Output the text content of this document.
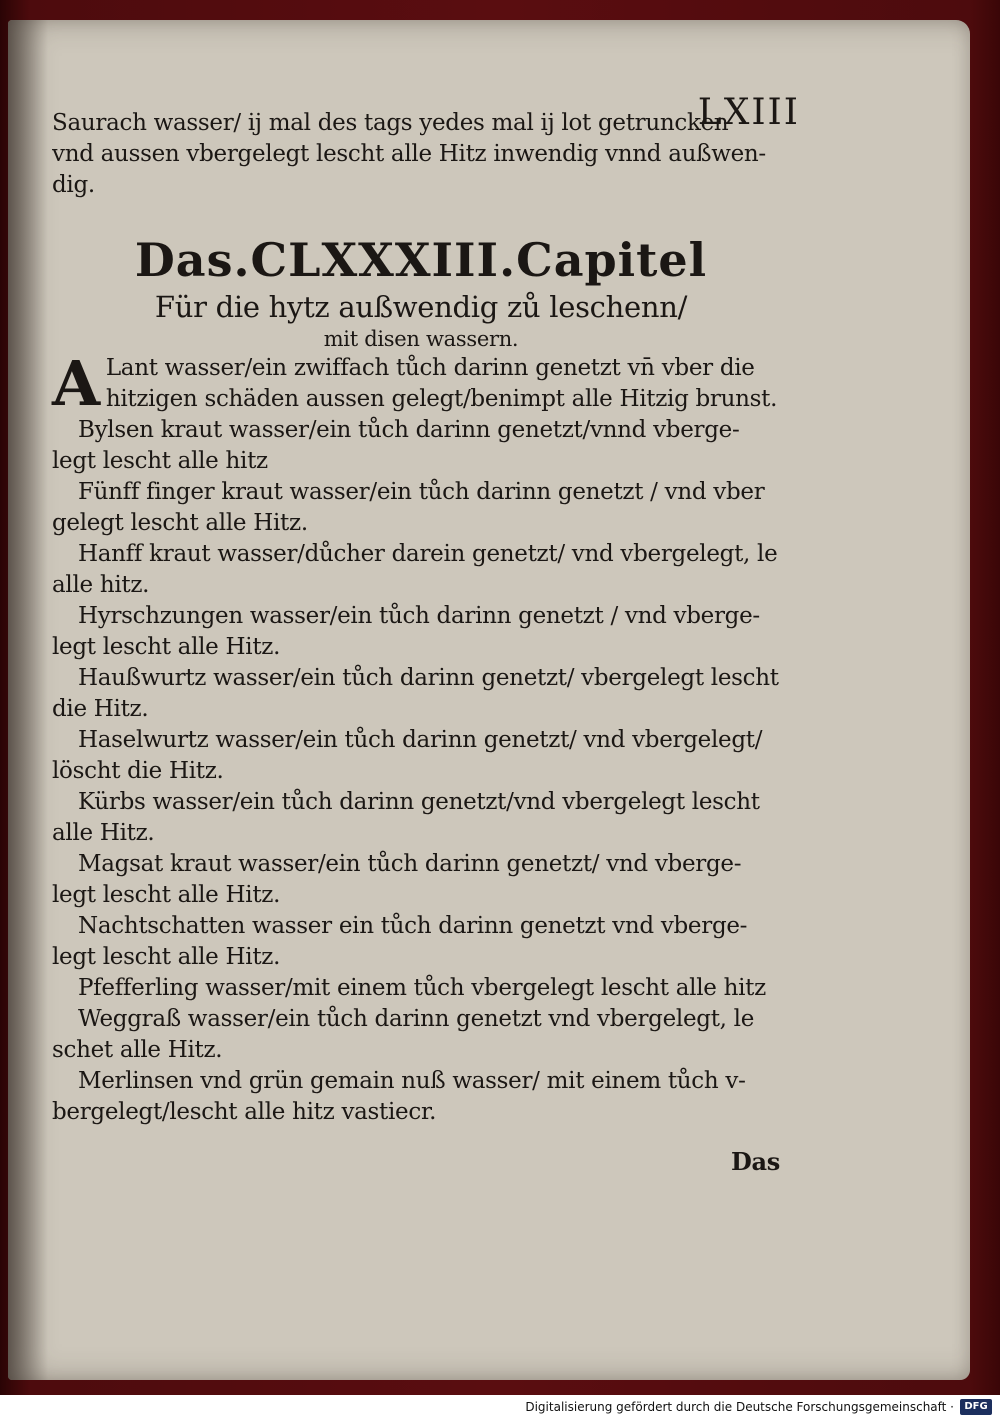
LXIII
Saurach wasser/ ij mal des tags yedes mal ij lot getruncken
vnd aussen vbergelegt lescht alle Hitz inwendig vnnd außwen-
dig.
Das.CLXXXIII.Capitel
Für die hytz außwendig zů leschenn/
mit disen wassern.
A Lant wasser/ein zwiffach tůch darinn genetzt vn̄ vber die
hitzigen schäden aussen gelegt/benimpt alle Hitzig brunst.
Bylsen kraut wasser/ein tůch darinn genetzt/vnnd vberge-
legt lescht alle hitz
Fünff finger kraut wasser/ein tůch darinn genetzt / vnd vber
gelegt lescht alle Hitz.
Hanff kraut wasser/důcher darein genetzt/ vnd vbergelegt, le
alle hitz.
Hyrschzungen wasser/ein tůch darinn genetzt / vnd vberge-
legt lescht alle Hitz.
Haußwurtz wasser/ein tůch darinn genetzt/ vbergelegt lescht
die Hitz.
Haselwurtz wasser/ein tůch darinn genetzt/ vnd vbergelegt/
löscht die Hitz.
Kürbs wasser/ein tůch darinn genetzt/vnd vbergelegt lescht
alle Hitz.
Magsat kraut wasser/ein tůch darinn genetzt/ vnd vberge-
legt lescht alle Hitz.
Nachtschatten wasser ein tůch darinn genetzt vnd vberge-
legt lescht alle Hitz.
Pfefferling wasser/mit einem tůch vbergelegt lescht alle hitz
Weggraß wasser/ein tůch darinn genetzt vnd vbergelegt, le
schet alle Hitz.
Merlinsen vnd grün gemain nuß wasser/ mit einem tůch v-
bergelegt/lescht alle hitz vastiecr.
Das
Digitalisierung gefördert durch die Deutsche Forschungsgemeinschaft ·	DFG
